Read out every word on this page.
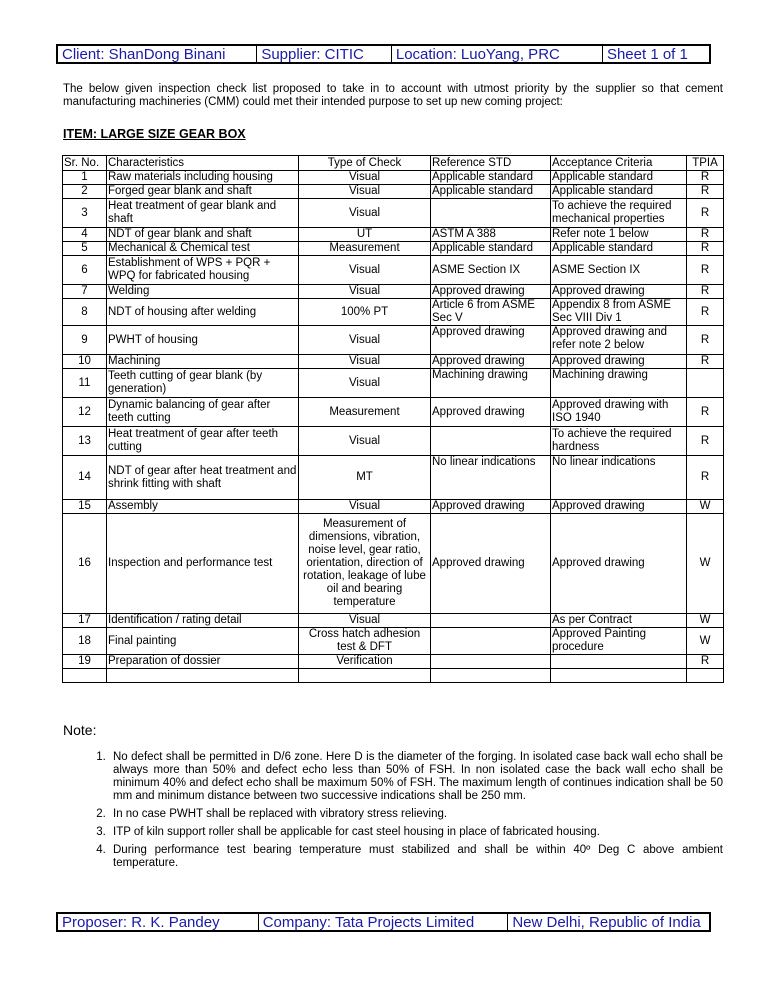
Client: ShanDong Binani	Supplier: CITIC	Location: LuoYang, PRC	Sheet 1 of 1
The below given inspection check list proposed to take in to account with utmost priority by the supplier so that cement manufacturing machineries (CMM) could met their intended purpose to set up new coming project:
ITEM: LARGE SIZE GEAR BOX
Sr. No.	Characteristics	Type of Check	Reference STD	Acceptance Criteria	TPIA
1	Raw materials including housing	Visual	Applicable standard	Applicable standard	R
2	Forged gear blank and shaft	Visual	Applicable standard	Applicable standard	R
3	Heat treatment of gear blank and shaft	Visual		To achieve the required mechanical properties	R
4	NDT of gear blank and shaft	UT	ASTM A 388	Refer note 1 below	R
5	Mechanical & Chemical test	Measurement	Applicable standard	Applicable standard	R
6	Establishment of WPS + PQR + WPQ for fabricated housing	Visual	ASME Section IX	ASME Section IX	R
7	Welding	Visual	Approved drawing	Approved drawing	R
8	NDT of housing after welding	100% PT	Article 6 from ASME Sec V	Appendix 8 from ASME Sec VIII Div 1	R
9	PWHT of housing	Visual	Approved drawing	Approved drawing and refer note 2 below	R
10	Machining	Visual	Approved drawing	Approved drawing	R
11	Teeth cutting of gear blank (by generation)	Visual	Machining drawing	Machining drawing	
12	Dynamic balancing of gear after teeth cutting	Measurement	Approved drawing	Approved drawing with ISO 1940	R
13	Heat treatment of gear after teeth cutting	Visual		To achieve the required hardness	R
14	NDT of gear after heat treatment and shrink fitting with shaft	MT	No linear indications	No linear indications	R
15	Assembly	Visual	Approved drawing	Approved drawing	W
16	Inspection and performance test	Measurement of dimensions, vibration, noise level, gear ratio, orientation, direction of rotation, leakage of lube oil and bearing temperature	Approved drawing	Approved drawing	W
17	Identification / rating detail	Visual		As per Contract	W
18	Final painting	Cross hatch adhesion test & DFT		Approved Painting procedure	W
19	Preparation of dossier	Verification			R

Note:
1. No defect shall be permitted in D/6 zone. Here D is the diameter of the forging. In isolated case back wall echo shall be always more than 50% and defect echo less than 50% of FSH. In non isolated case the back wall echo shall be minimum 40% and defect echo shall be maximum 50% of FSH. The maximum length of continues indication shall be 50 mm and minimum distance between two successive indications shall be 250 mm.
2. In no case PWHT shall be replaced with vibratory stress relieving.
3. ITP of kiln support roller shall be applicable for cast steel housing in place of fabricated housing.
4. During performance test bearing temperature must stabilized and shall be within 40º Deg C above ambient temperature.
Proposer: R. K. Pandey	Company: Tata Projects Limited	New Delhi, Republic of India
